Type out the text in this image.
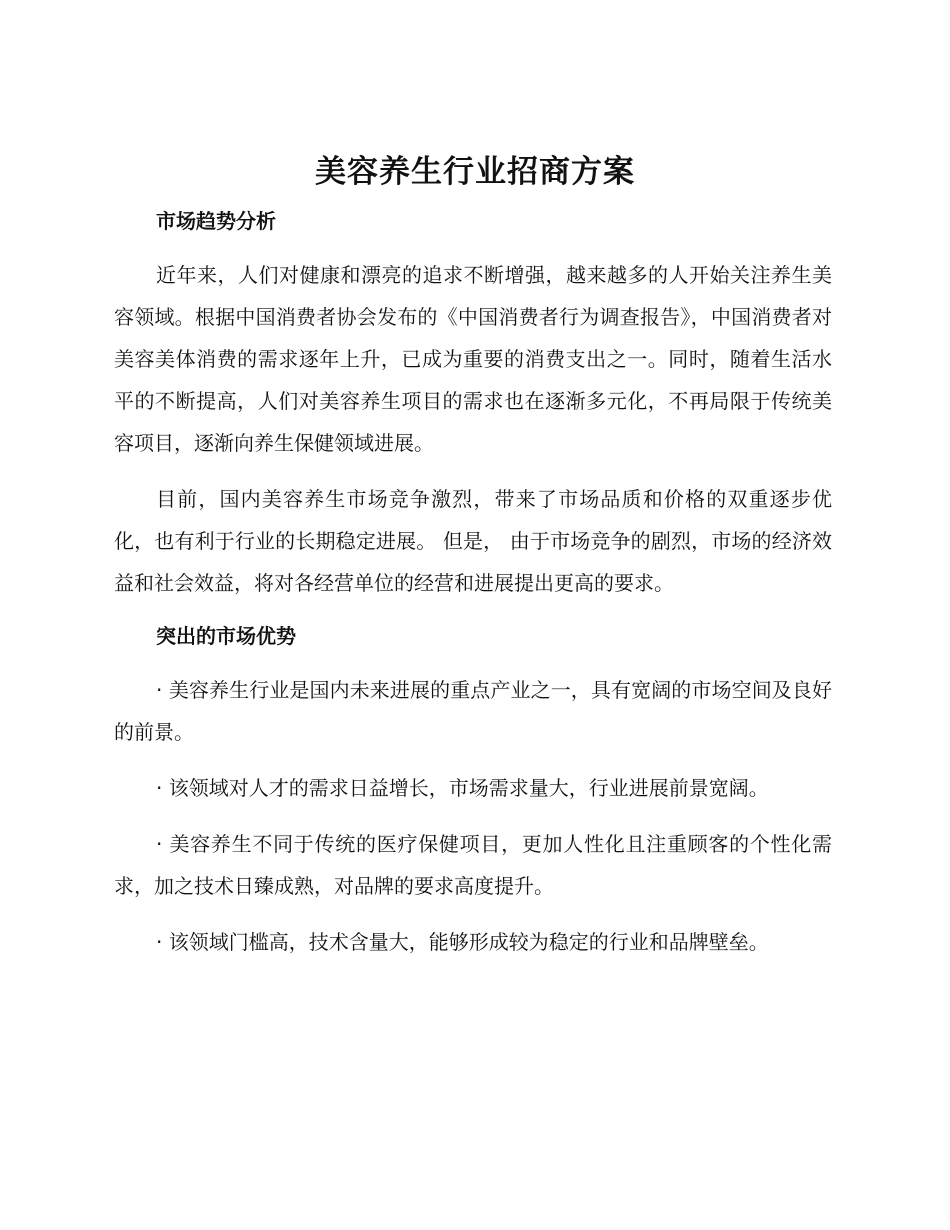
美容养生行业招商方案
市场趋势分析

近年来，人们对健康和漂亮的追求不断增强，越来越多的人开始关注养生美容领域。根据中国消费者协会发布的《中国消费者行为调查报告》，中国消费者对美容美体消费的需求逐年上升，已成为重要的消费支出之一。同时，随着生活水平的不断提高，人们对美容养生项目的需求也在逐渐多元化，不再局限于传统美容项目，逐渐向养生保健领域进展。

目前，国内美容养生市场竞争激烈，带来了市场品质和价格的双重逐步优化，也有利于行业的长期稳定进展。 但是， 由于市场竞争的剧烈，市场的经济效益和社会效益，将对各经营单位的经营和进展提出更高的要求。

突出的市场优势
· 美容养生行业是国内未来进展的重点产业之一，具有宽阔的市场空间及良好的前景。
· 该领域对人才的需求日益增长，市场需求量大，行业进展前景宽阔。
· 美容养生不同于传统的医疗保健项目，更加人性化且注重顾客的个性化需求，加之技术日臻成熟，对品牌的要求高度提升。
· 该领域门槛高，技术含量大，能够形成较为稳定的行业和品牌壁垒。
